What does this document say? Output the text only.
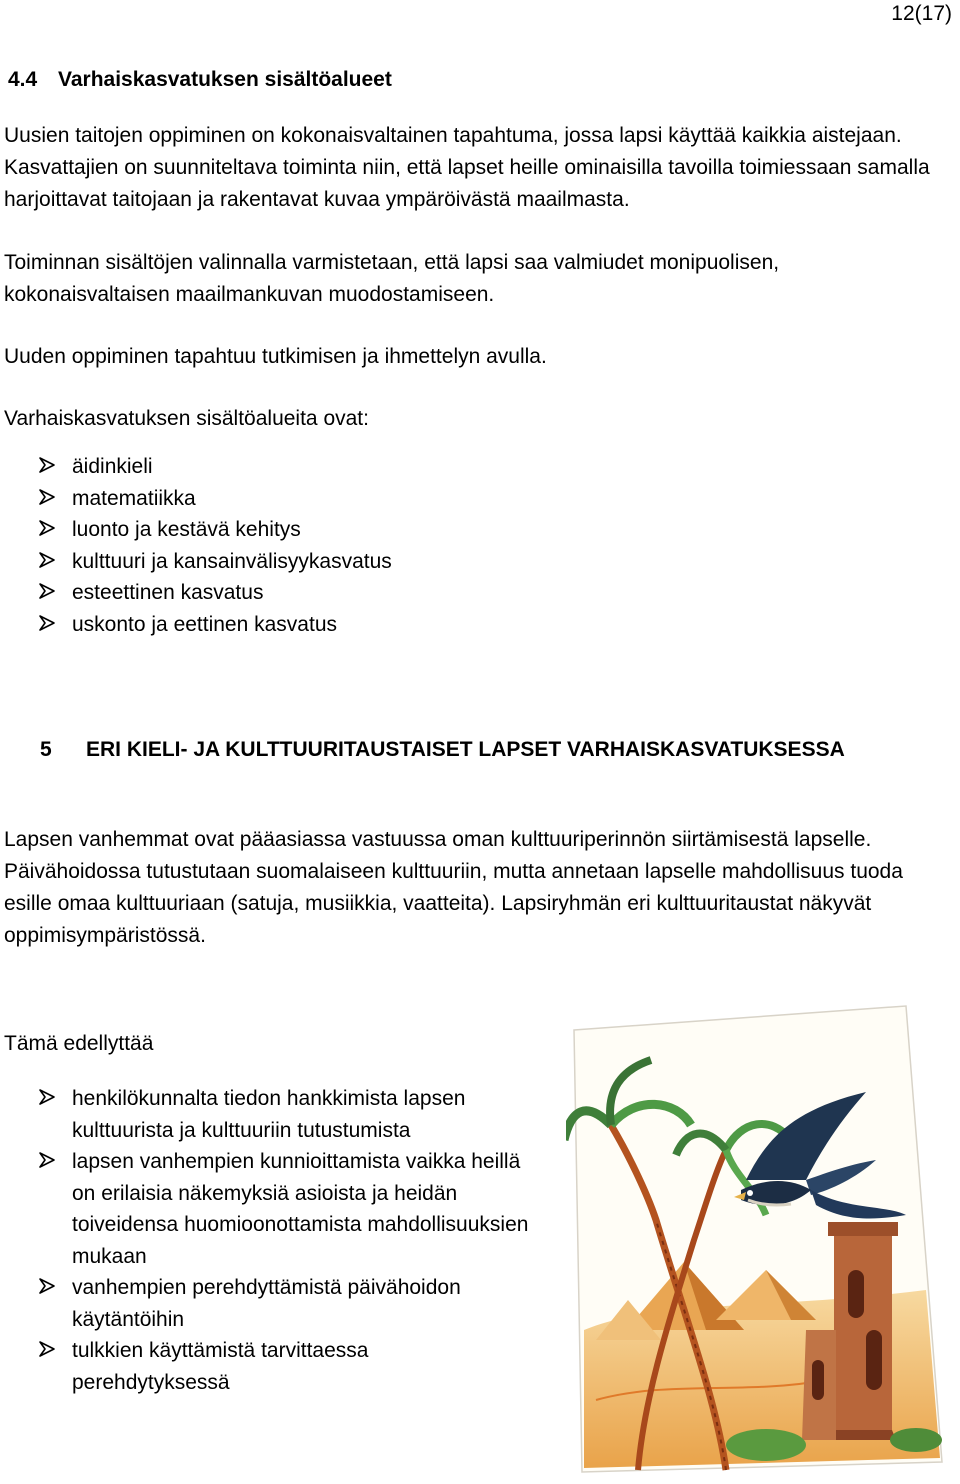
12(17)
4.4 Varhaiskasvatuksen sisältöalueet

Uusien taitojen oppiminen on kokonaisvaltainen tapahtuma, jossa lapsi käyttää kaikkia aistejaan. Kasvattajien on suunniteltava toiminta niin, että lapset heille ominaisilla tavoilla toimiessaan samalla harjoittavat taitojaan ja rakentavat kuvaa ympäröivästä maailmasta.

Toiminnan sisältöjen valinnalla varmistetaan, että lapsi saa valmiudet monipuolisen, kokonaisvaltaisen maailmankuvan muodostamiseen.

Uuden oppiminen tapahtuu tutkimisen ja ihmettelyn avulla.

Varhaiskasvatuksen sisältöalueita ovat:

äidinkieli
matematiikka
luonto ja kestävä kehitys
kulttuuri ja kansainvälisyykasvatus
esteettinen kasvatus
uskonto ja eettinen kasvatus
5 ERI KIELI- JA KULTTUURITAUSTAISET LAPSET VARHAISKASVATUKSESSA

Lapsen vanhemmat ovat pääasiassa vastuussa oman kulttuuriperinnön siirtämisestä lapselle. Päivähoidossa tutustutaan suomalaiseen kulttuuriin, mutta annetaan lapselle mahdollisuus tuoda esille omaa kulttuuriaan (satuja, musiikkia, vaatteita). Lapsiryhmän eri kulttuuritaustat näkyvät oppimisympäristössä.

Tämä edellyttää
henkilökunnalta tiedon hankkimista lapsen kulttuurista ja kulttuuriin tutustumista
lapsen vanhempien kunnioittamista vaikka heillä on erilaisia näkemyksiä asioista ja heidän toiveidensa huomioonottamista mahdollisuuksien mukaan
vanhempien perehdyttämistä päivähoidon käytäntöihin
tulkkien käyttämistä tarvittaessa perehdytyksessä
